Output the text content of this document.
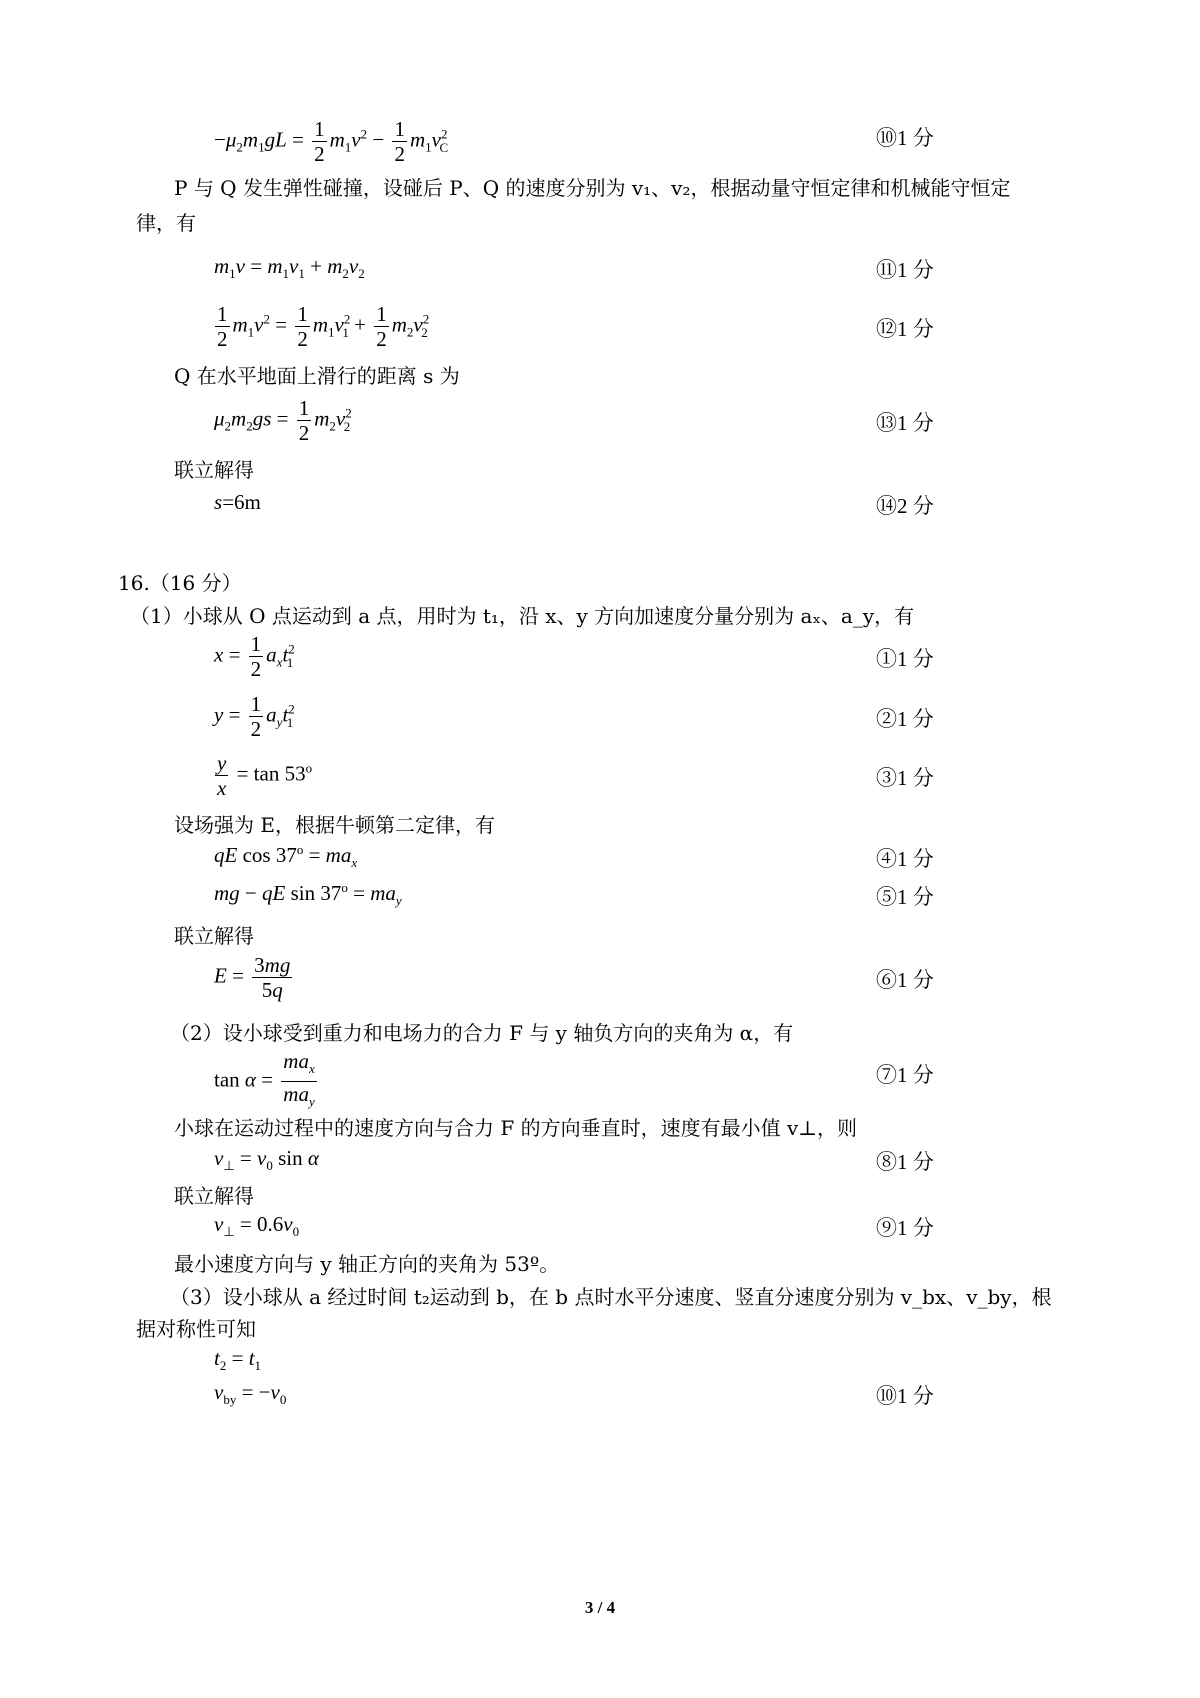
$-\mu_2m_1gL = \frac{1}{2} m_1v^2 - \frac{1}{2} m_1v^2_C$	⑩1 分
P 与 Q 发生弹性碰撞，设碰后 P、Q 的速度分别为 v₁、v₂，根据动量守恒定律和机械能守恒定
律，有
$m_1v = m_1v_1 + m_2v_2$	⑪1 分
$\frac{1}{2} m_1v^2 = \frac{1}{2} m_1v^2_1 + \frac{1}{2} m_2v^2_2$	⑫1 分
Q 在水平地面上滑行的距离 s 为
$\mu_2m_2gs = \frac{1}{2} m_2v^2_2$	⑬1 分
联立解得
s=6m	⑭2 分
16.（16 分）
（1）小球从 O 点运动到 a 点，用时为 t₁，沿 x、y 方向加速度分量分别为 aₓ、a_y，有
$x = \frac{1}{2} a_xt^2_1$	①1 分
$y = \frac{1}{2} a_yt^2_1$	②1 分
$\frac{y}{x} = \tan 53^o$	③1 分
设场强为 E，根据牛顿第二定律，有
qE $\cos 37^o = ma_x$	④1 分
mg − qE $\sin 37^o = ma_y$	⑤1 分
联立解得
$E = \frac{3mg}{5q}$	⑥1 分
（2）设小球受到重力和电场力的合力 F 与 y 轴负方向的夹角为 α，有
$\tan \alpha = \frac{ma_x}{ma_y}$	⑦1 分
小球在运动过程中的速度方向与合力 F 的方向垂直时，速度有最小值 v⊥，则
$v_\perp = v_0$ sin α	⑧1 分
联立解得
$v_\perp = 0.6v_0$	⑨1 分
最小速度方向与 y 轴正方向的夹角为 53º。
（3）设小球从 a 经过时间 t₂运动到 b，在 b 点时水平分速度、竖直分速度分别为 v_bx、v_by，根
据对称性可知
$t_2 = t_1$
$v_{by} = -v_0$	⑩1 分
3 / 4
